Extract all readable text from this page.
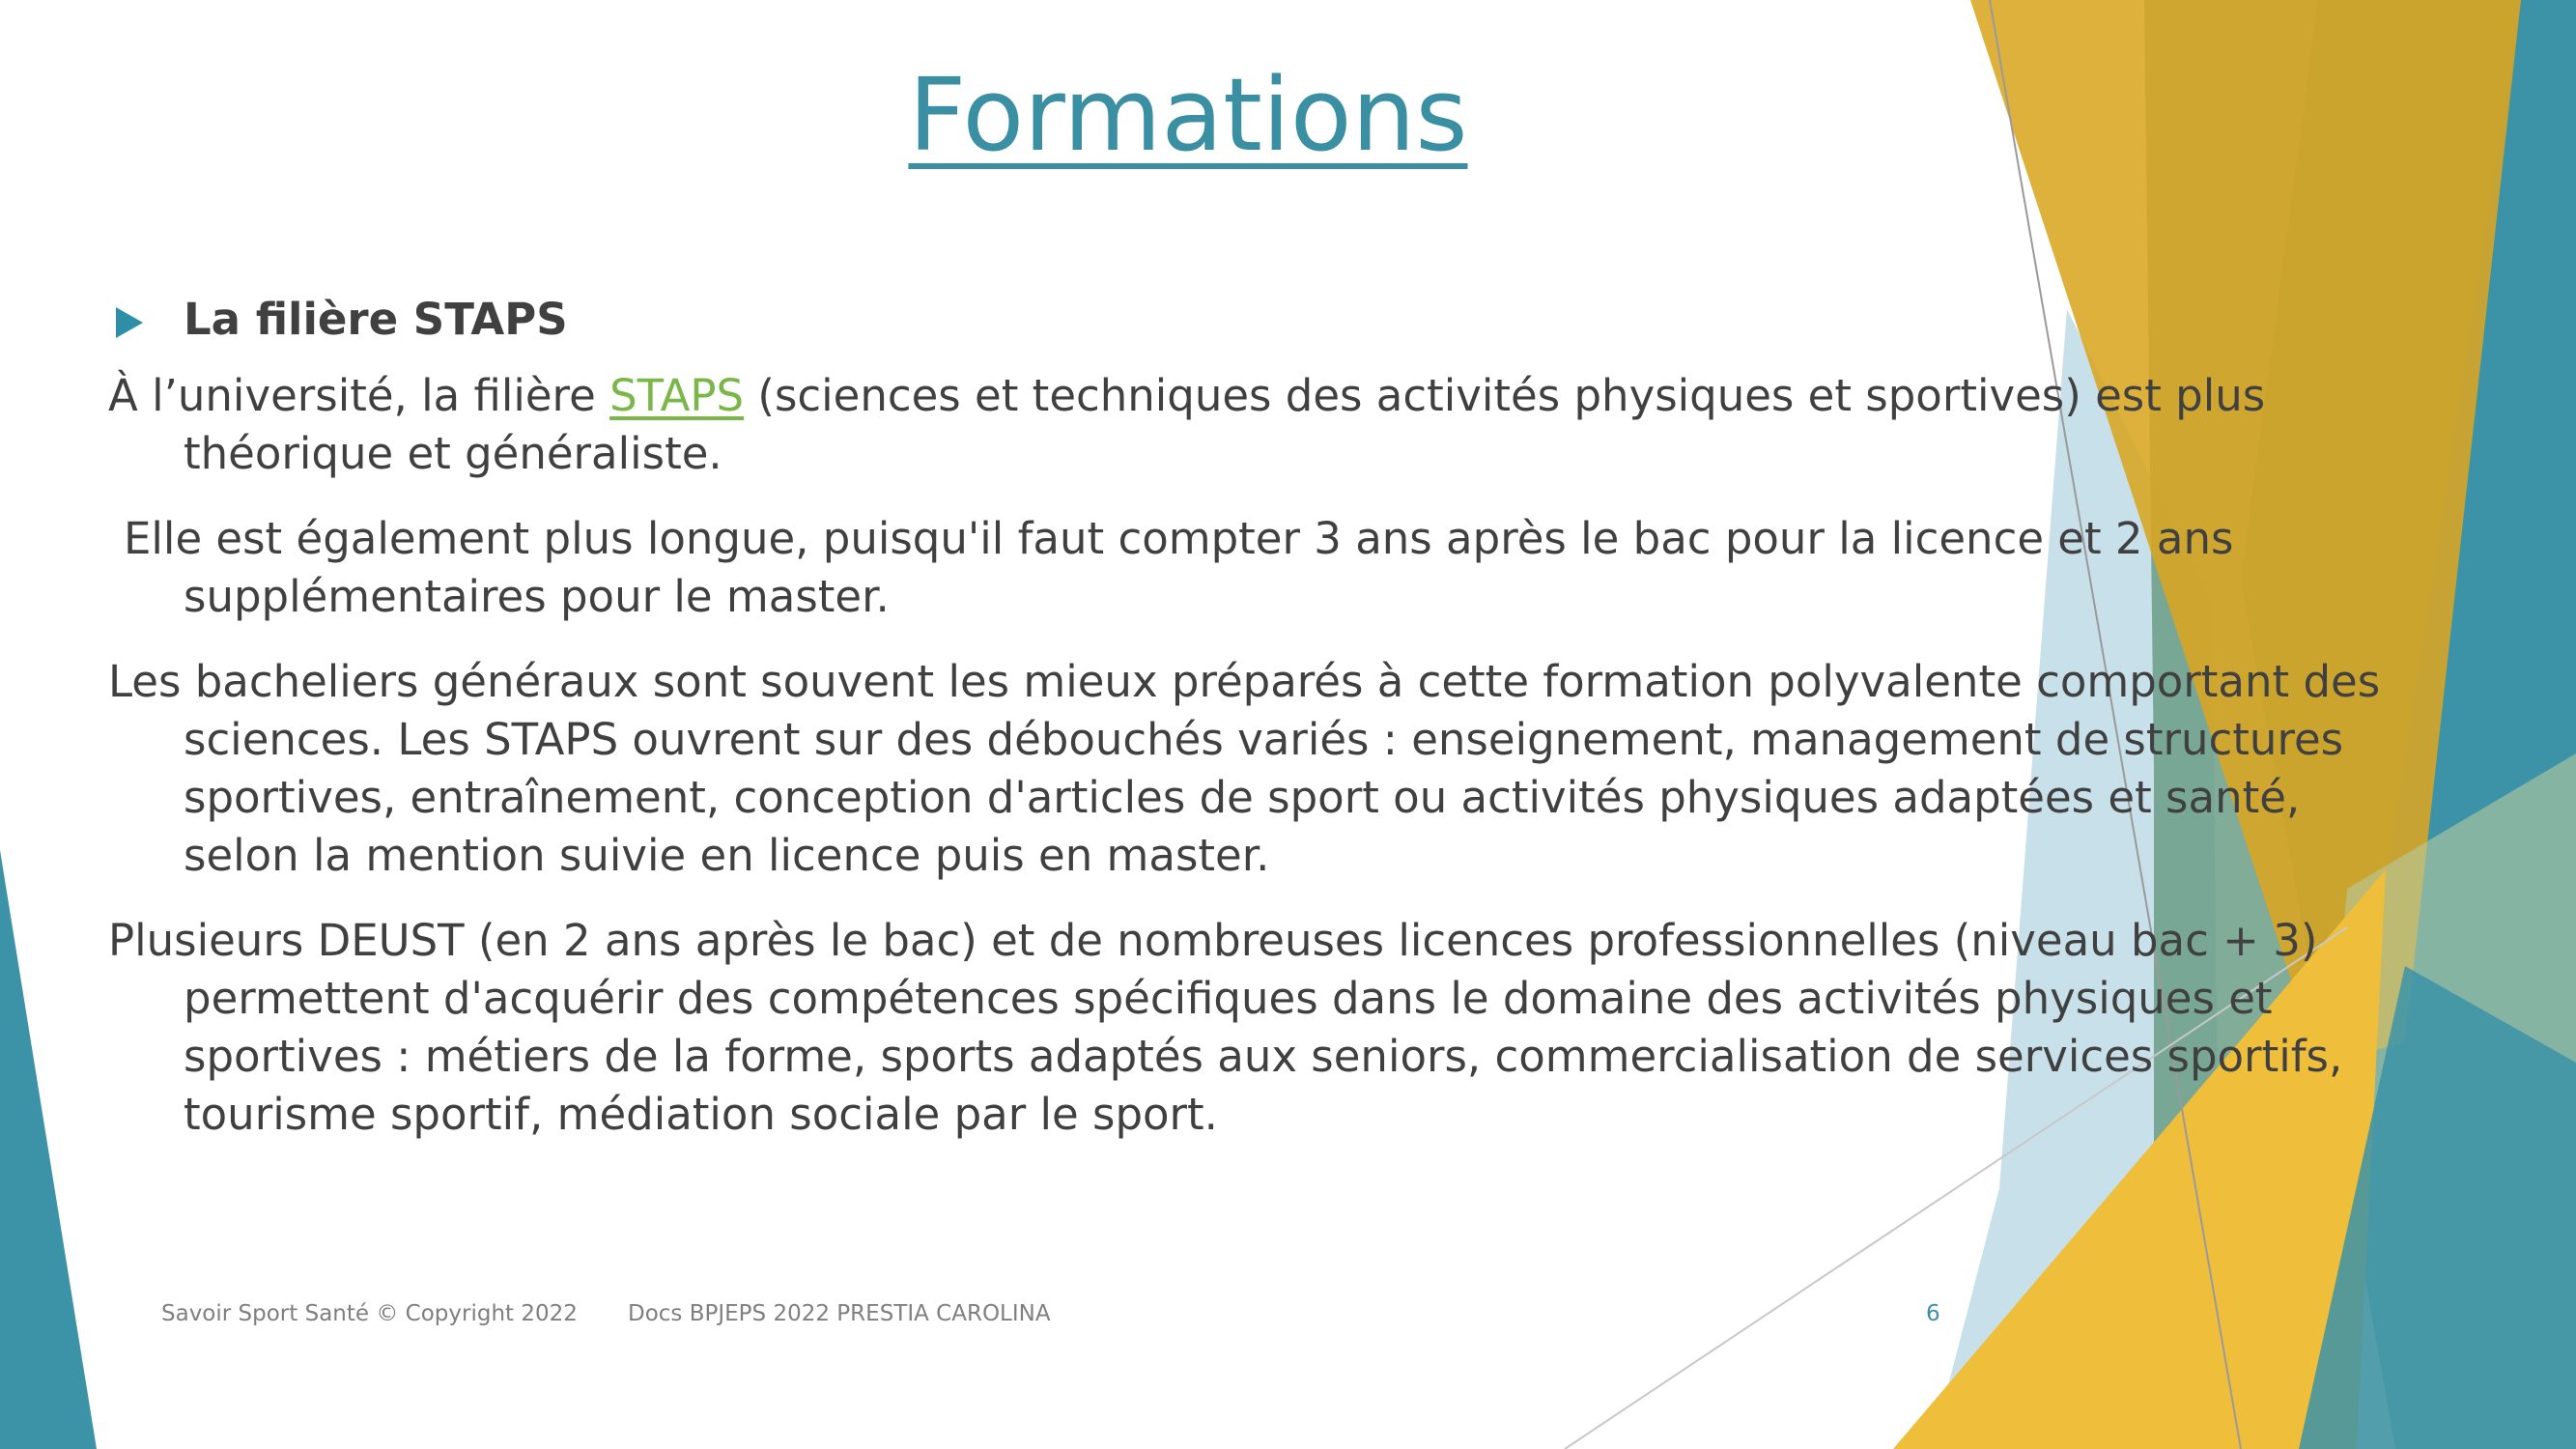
Formations
La filière STAPS
À l’université, la filière STAPS (sciences et techniques des activités physiques et sportives) est plus théorique et généraliste.
Elle est également plus longue, puisqu'il faut compter 3 ans après le bac pour la licence et 2 ans supplémentaires pour le master.
Les bacheliers généraux sont souvent les mieux préparés à cette formation polyvalente comportant des sciences. Les STAPS ouvrent sur des débouchés variés : enseignement, management de structures sportives, entraînement, conception d'articles de sport ou activités physiques adaptées et santé, selon la mention suivie en licence puis en master.
Plusieurs DEUST (en 2 ans après le bac) et de nombreuses licences professionnelles (niveau bac + 3) permettent d'acquérir des compétences spécifiques dans le domaine des activités physiques et sportives : métiers de la forme, sports adaptés aux seniors, commercialisation de services sportifs, tourisme sportif, médiation sociale par le sport.
Savoir Sport Santé © Copyright 2022 Docs BPJEPS 2022 PRESTIA CAROLINA	6
